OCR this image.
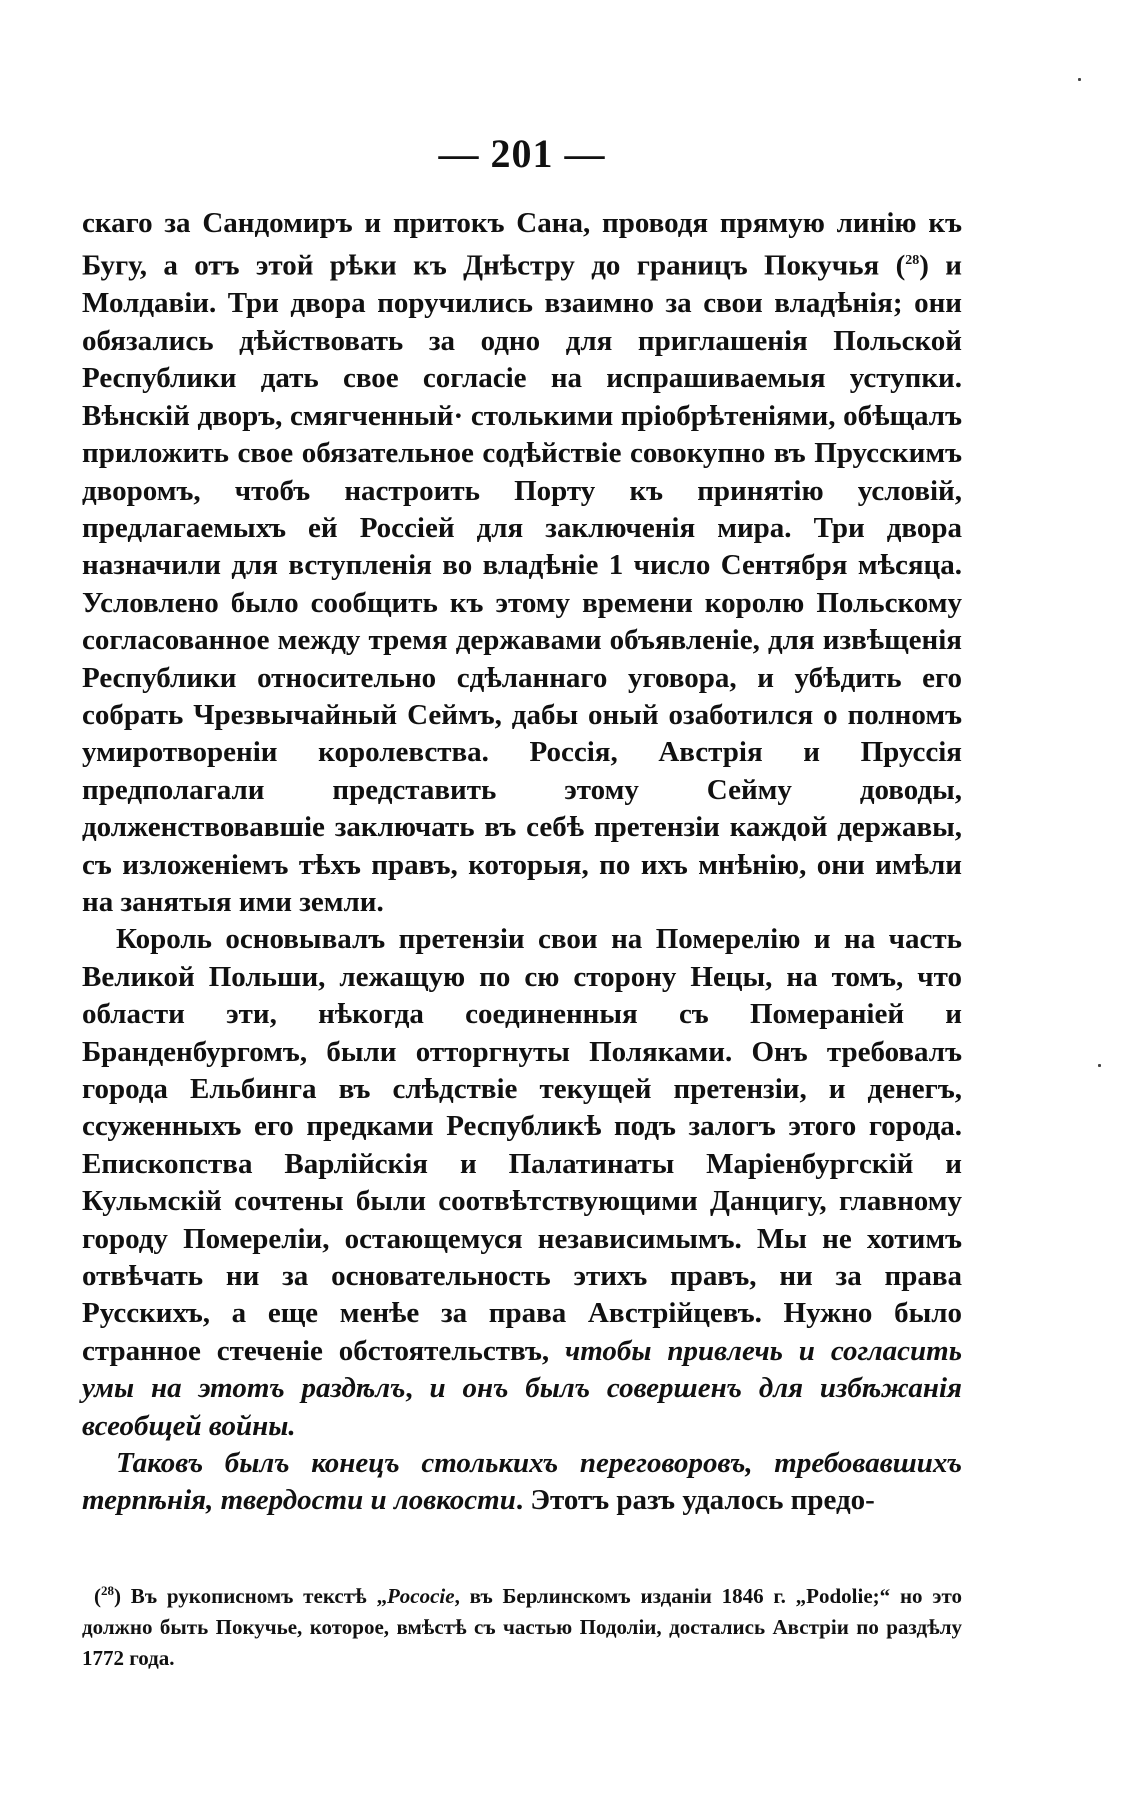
— 201 —

скаго за Сандомиръ и притокъ Сана, проводя прямую линію къ Бугу, а отъ этой рѣки къ Днѣстру до границъ Покучья ($^{28}$) и Молдавіи. Три двора поручились взаимно за свои владѣнія; они обязались дѣйствовать за одно для приглашенія Польской Республики дать свое согласіе на испрашиваемыя уступки. Вѣнскій дворъ, смягченный· столькими пріобрѣтеніями, обѣщалъ приложить свое обязательное содѣйствіе совокупно въ Прусскимъ дворомъ, чтобъ настроить Порту къ принятію условій, предлагаемыхъ ей Россіей для заключенія мира. Три двора назначили для вступленія во владѣніе 1 число Сентября мѣсяца. Условлено было сообщить къ этому времени королю Польскому согласованное между тремя державами объявленіе, для извѣщенія Республики относительно сдѣланнаго уговора, и убѣдить его собрать Чрезвычайный Сеймъ, дабы оный озаботился о полномъ умиротвореніи королевства. Россія, Австрія и Пруссія предполагали представить этому Сейму доводы, долженствовавшіе заключать въ себѣ претензіи каждой державы, съ изложеніемъ тѣхъ правъ, которыя, по ихъ мнѣнію, они имѣли на занятыя ими земли.

Король основывалъ претензіи свои на Померелію и на часть Великой Польши, лежащую по сю сторону Нецы, на томъ, что области эти, нѣкогда соединенныя съ Помераніей и Бранденбургомъ, были отторгнуты Поляками. Онъ требовалъ города Ельбинга въ слѣдствіе текущей претензіи, и денегъ, ссуженныхъ его предками Республикѣ подъ залогъ этого города. Епископства Варлійскія и Палатинаты Маріенбургскій и Кульмскій сочтены были соотвѣтствующими Данцигу, главному городу Помереліи, остающемуся независимымъ. Мы не хотимъ отвѣчать ни за основательность этихъ правъ, ни за права Русскихъ, а еще менѣе за права Австрійцевъ. Нужно было странное стеченіе обстоятельствъ, чтобы привлечь и согласить умы на этотъ раздѣлъ, и онъ былъ совершенъ для избѣжанія всеобщей войны.

Таковъ былъ конецъ столькихъ переговоровъ, требовавшихъ терпѣнія, твердости и ловкости. Этотъ разъ удалось предо-

($^{28}$) Въ рукописномъ текстѣ „Pococie, въ Берлинскомъ изданіи 1846 г. „Podolie;“ но это должно быть Покучье, которое, вмѣстѣ съ частью Подоліи, достались Австріи по раздѣлу 1772 года.
